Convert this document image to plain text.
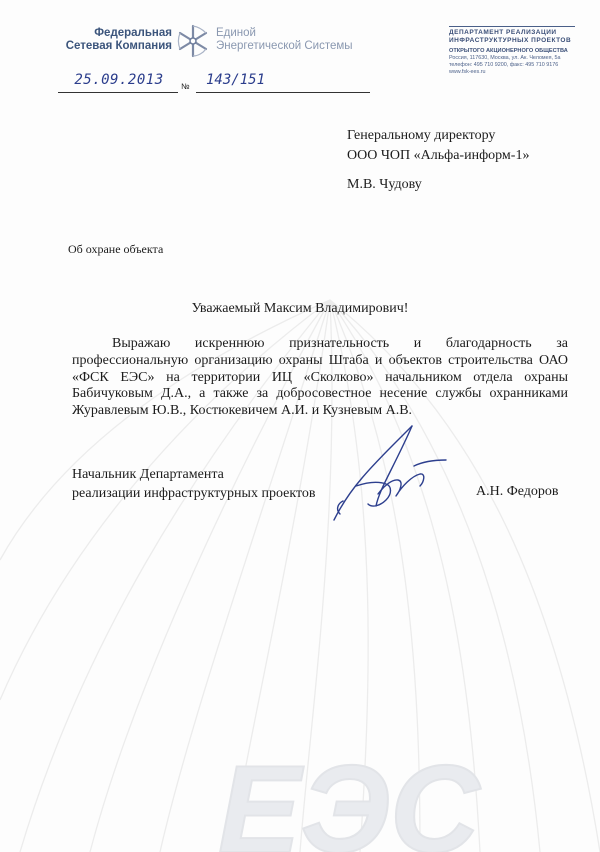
ЕЭС
Федеральная
Сетевая Компания
Единой
Энергетической Системы
ДЕПАРТАМЕНТ РЕАЛИЗАЦИИ
ИНФРАСТРУКТУРНЫХ ПРОЕКТОВ
ОТКРЫТОГО АКЦИОНЕРНОГО ОБЩЕСТВА
Россия, 117630, Москва, ул. Ак. Челомея, 5а
телефон: 495 710 9200, факс: 495 710 9176
www.fsk-ees.ru
25.09.2013	№	143/151
Генеральному директору
ООО ЧОП «Альфа-информ-1»
М.В. Чудову
Об охране объекта
Уважаемый Максим Владимирович!

Выражаю искреннюю признательность и благодарность за профессиональную организацию охраны Штаба и объектов строительства ОАО «ФСК ЕЭС» на территории ИЦ «Сколково» начальником отдела охраны Бабичуковым Д.А., а также за добросовестное несение службы охранниками Журавлевым Ю.В., Костюкевичем А.И. и Кузневым А.В.

Начальник Департамента
реализации инфраструктурных проектов	А.Н. Федоров
